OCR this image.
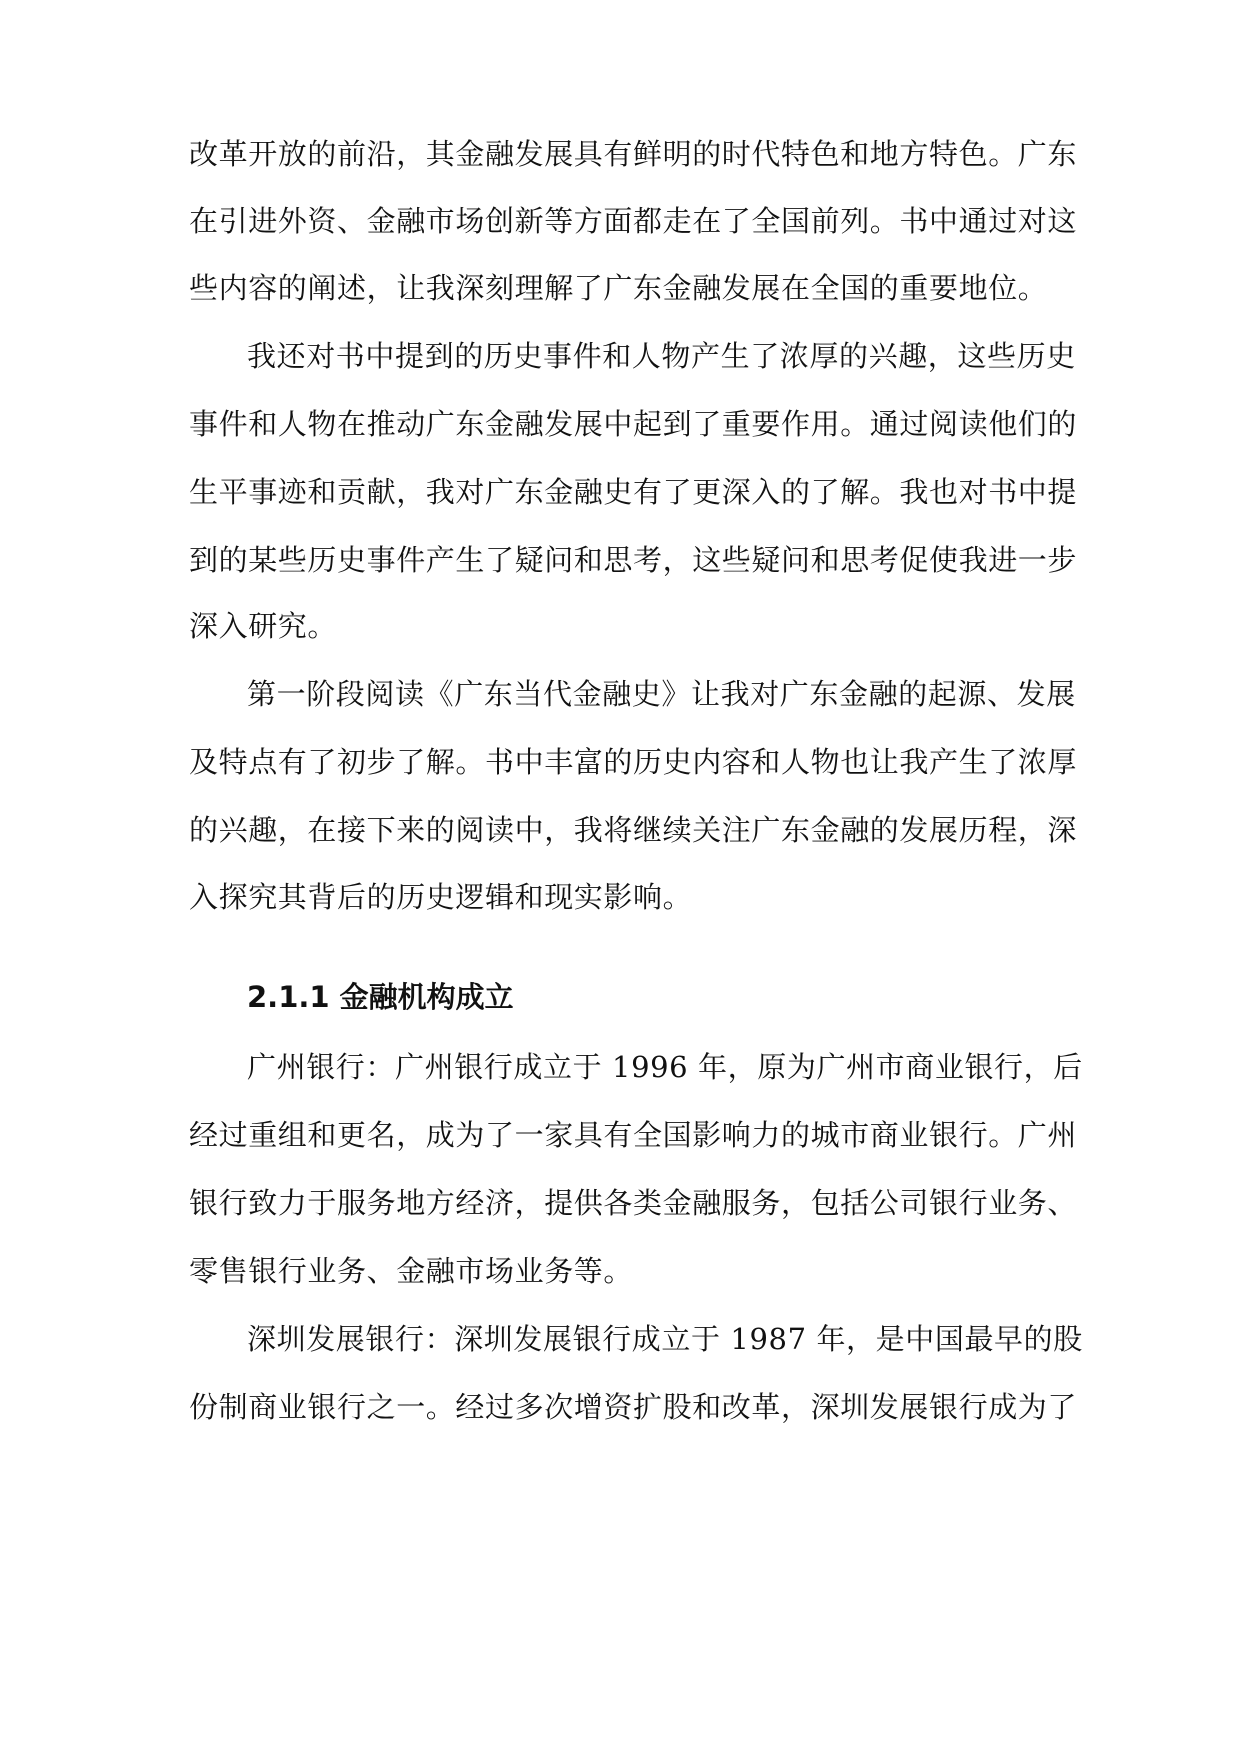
改革开放的前沿，其金融发展具有鲜明的时代特色和地方特色。广东
在引进外资、金融市场创新等方面都走在了全国前列。书中通过对这
些内容的阐述，让我深刻理解了广东金融发展在全国的重要地位。
我还对书中提到的历史事件和人物产生了浓厚的兴趣，这些历史
事件和人物在推动广东金融发展中起到了重要作用。通过阅读他们的
生平事迹和贡献，我对广东金融史有了更深入的了解。我也对书中提
到的某些历史事件产生了疑问和思考，这些疑问和思考促使我进一步
深入研究。
第一阶段阅读《广东当代金融史》让我对广东金融的起源、发展
及特点有了初步了解。书中丰富的历史内容和人物也让我产生了浓厚
的兴趣，在接下来的阅读中，我将继续关注广东金融的发展历程，深
入探究其背后的历史逻辑和现实影响。
2.1.1 金融机构成立
广州银行：广州银行成立于 1996 年，原为广州市商业银行，后
经过重组和更名，成为了一家具有全国影响力的城市商业银行。广州
银行致力于服务地方经济，提供各类金融服务，包括公司银行业务、
零售银行业务、金融市场业务等。
深圳发展银行：深圳发展银行成立于 1987 年，是中国最早的股
份制商业银行之一。经过多次增资扩股和改革，深圳发展银行成为了
